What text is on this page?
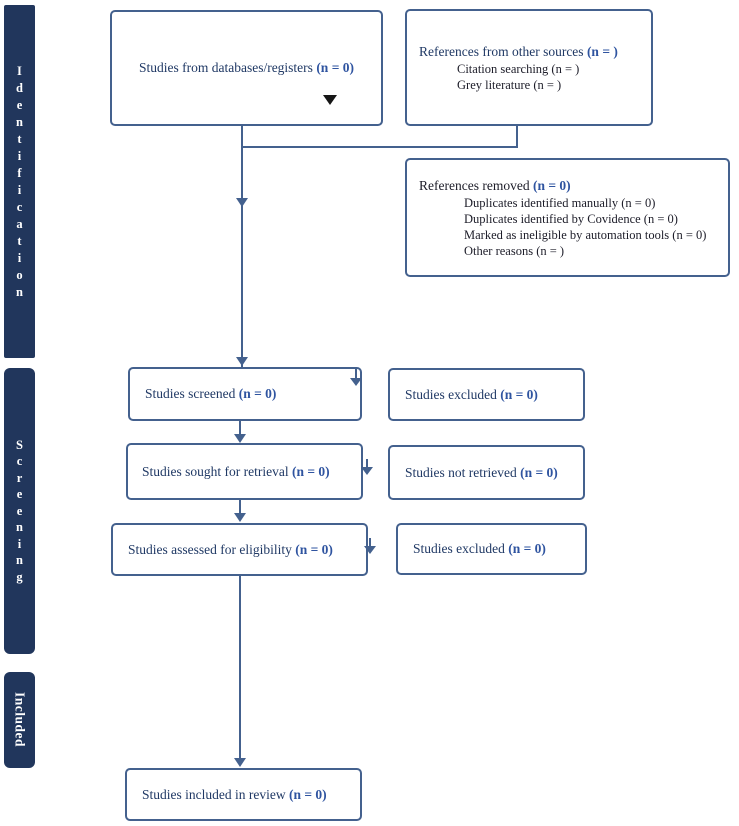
I
d
e
n
t
i
f
i
c
a
t
i
o
n
S
c
r
e
e
n
i
n
g
Included
Studies from databases/registers (n = 0)
References from other sources (n = )
Citation searching (n = )
Grey literature (n = )
References removed (n = 0)
Duplicates identified manually (n = 0)
Duplicates identified by Covidence (n = 0)
Marked as ineligible by automation tools (n = 0)
Other reasons (n = )
Studies screened (n = 0)	Studies excluded (n = 0)
Studies sought for retrieval (n = 0)	Studies not retrieved (n = 0)
Studies assessed for eligibility (n = 0)	Studies excluded (n = 0)
Studies included in review (n = 0)
